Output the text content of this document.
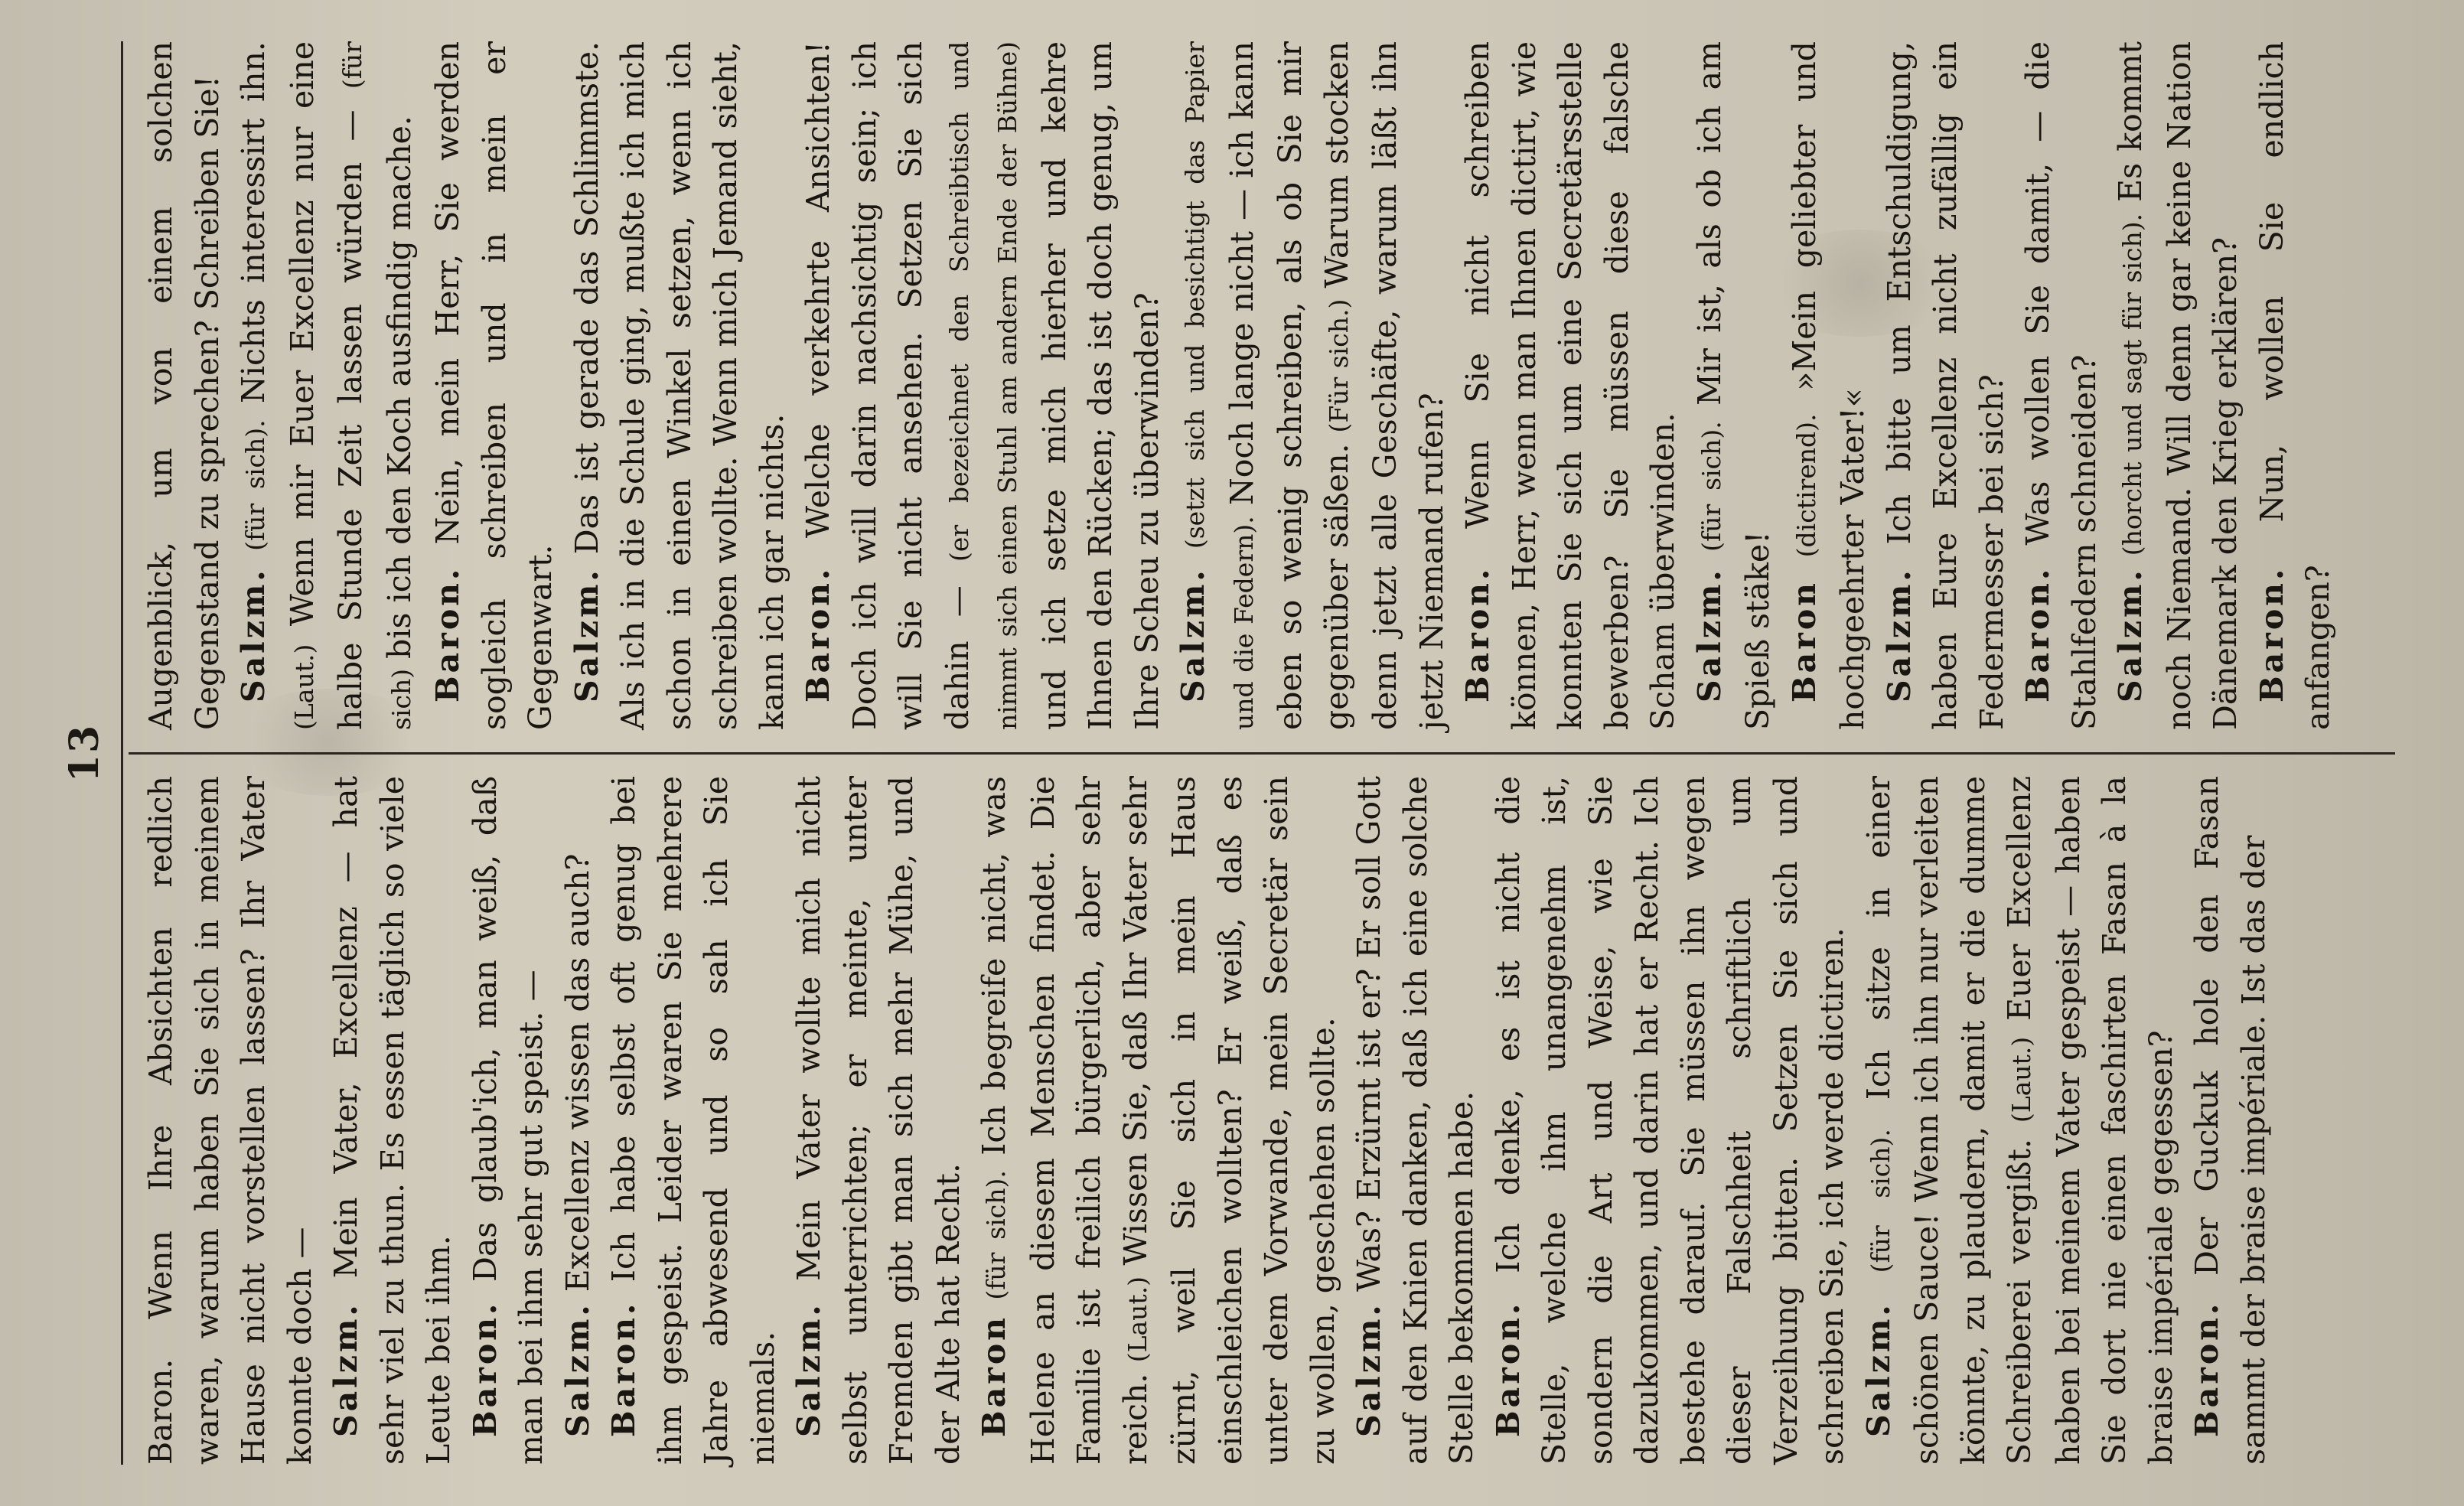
13

Baron. Wenn Ihre Absichten redlich waren, warum haben Sie sich in meinem Hause nicht vorstellen lassen? Ihr Vater konnte doch — Salzm. Mein Vater, Excellenz — hat sehr viel zu thun. Es essen täglich so viele Leute bei ihm. Baron. Das glaub'ich, man weiß, daß man bei ihm sehr gut speist. — Salzm. Excellenz wissen das auch?

Baron. Ich habe selbst oft genug bei ihm gespeist. Leider waren Sie mehrere Jahre abwesend und so sah ich Sie niemals. Salzm. Mein Vater wollte mich nicht selbst unterrichten; er meinte, unter Fremden gibt man sich mehr Mühe, und der Alte hat Recht. Baron (für sich). Ich begreife nicht, was Helene an diesem Menschen findet. Die Familie ist freilich bürgerlich, aber sehr reich. (Laut.) Wissen Sie, daß Ihr Vater sehr zürnt, weil Sie sich in mein Haus einschleichen wollten? Er weiß, daß es unter dem Vorwande, mein Secretär sein zu wollen, geschehen sollte. Salzm. Was? Erzürnt ist er? Er soll Gott auf den Knien danken, daß ich eine solche Stelle bekommen habe. Baron. Ich denke, es ist nicht die Stelle, welche ihm unangenehm ist, sondern die Art und Weise, wie Sie dazukommen, und darin hat er Recht. Ich bestehe darauf. Sie müssen ihn wegen dieser Falschheit schriftlich um Verzeihung bitten. Setzen Sie sich und schreiben Sie, ich werde dictiren. Salzm. (für sich). Ich sitze in einer schönen Sauce! Wenn ich ihn nur verleiten könnte, zu plaudern, damit er die dumme Schreiberei vergißt. (Laut.) Euer Excellenz haben bei meinem Vater gespeist — haben Sie dort nie einen faschirten Fasan à la braise impériale gegessen? Baron. Der Guckuk hole den Fasan sammt der braise impériale. Ist das der

Augenblick, um von einem solchen Gegenstand zu sprechen? Schreiben Sie! Salzm. (für sich). Nichts interessirt ihn. (Laut.) Wenn mir Euer Excellenz nur eine halbe Stunde Zeit lassen würden — (für sich) bis ich den Koch ausfindig mache. Baron. Nein, mein Herr, Sie werden sogleich schreiben und in mein er Gegenwart. Salzm. Das ist gerade das Schlimmste. Als ich in die Schule ging, mußte ich mich schon in einen Winkel setzen, wenn ich schreiben wollte. Wenn mich Jemand sieht, kann ich gar nichts. Baron. Welche verkehrte Ansichten! Doch ich will darin nachsichtig sein; ich will Sie nicht ansehen. Setzen Sie sich dahin — (er bezeichnet den Schreibtisch und nimmt sich einen Stuhl am andern Ende der Bühne) und ich setze mich hierher und kehre Ihnen den Rücken; das ist doch genug, um Ihre Scheu zu überwinden? Salzm. (setzt sich und besichtigt das Papier und die Federn). Noch lange nicht — ich kann eben so wenig schreiben, als ob Sie mir gegenüber säßen. (Für sich.) Warum stocken denn jetzt alle Geschäfte, warum läßt ihn jetzt Niemand rufen? Baron. Wenn Sie nicht schreiben können, Herr, wenn man Ihnen dictirt, wie konnten Sie sich um eine Secretärsstelle bewerben? Sie müssen diese falsche Scham überwinden. Salzm. (für sich). Mir ist, als ob ich am Spieß stäke! Baron (dictirend). »Mein geliebter und hochgeehrter Vater!« Salzm. Ich bitte um Entschuldigung, haben Eure Excellenz nicht zufällig ein Federmesser bei sich? Baron. Was wollen Sie damit, — die Stahlfedern schneiden? Salzm. (horcht und sagt für sich). Es kommt noch Niemand. Will denn gar keine Nation Dänemark den Krieg erklären? Baron. Nun, wollen Sie endlich anfangen?
